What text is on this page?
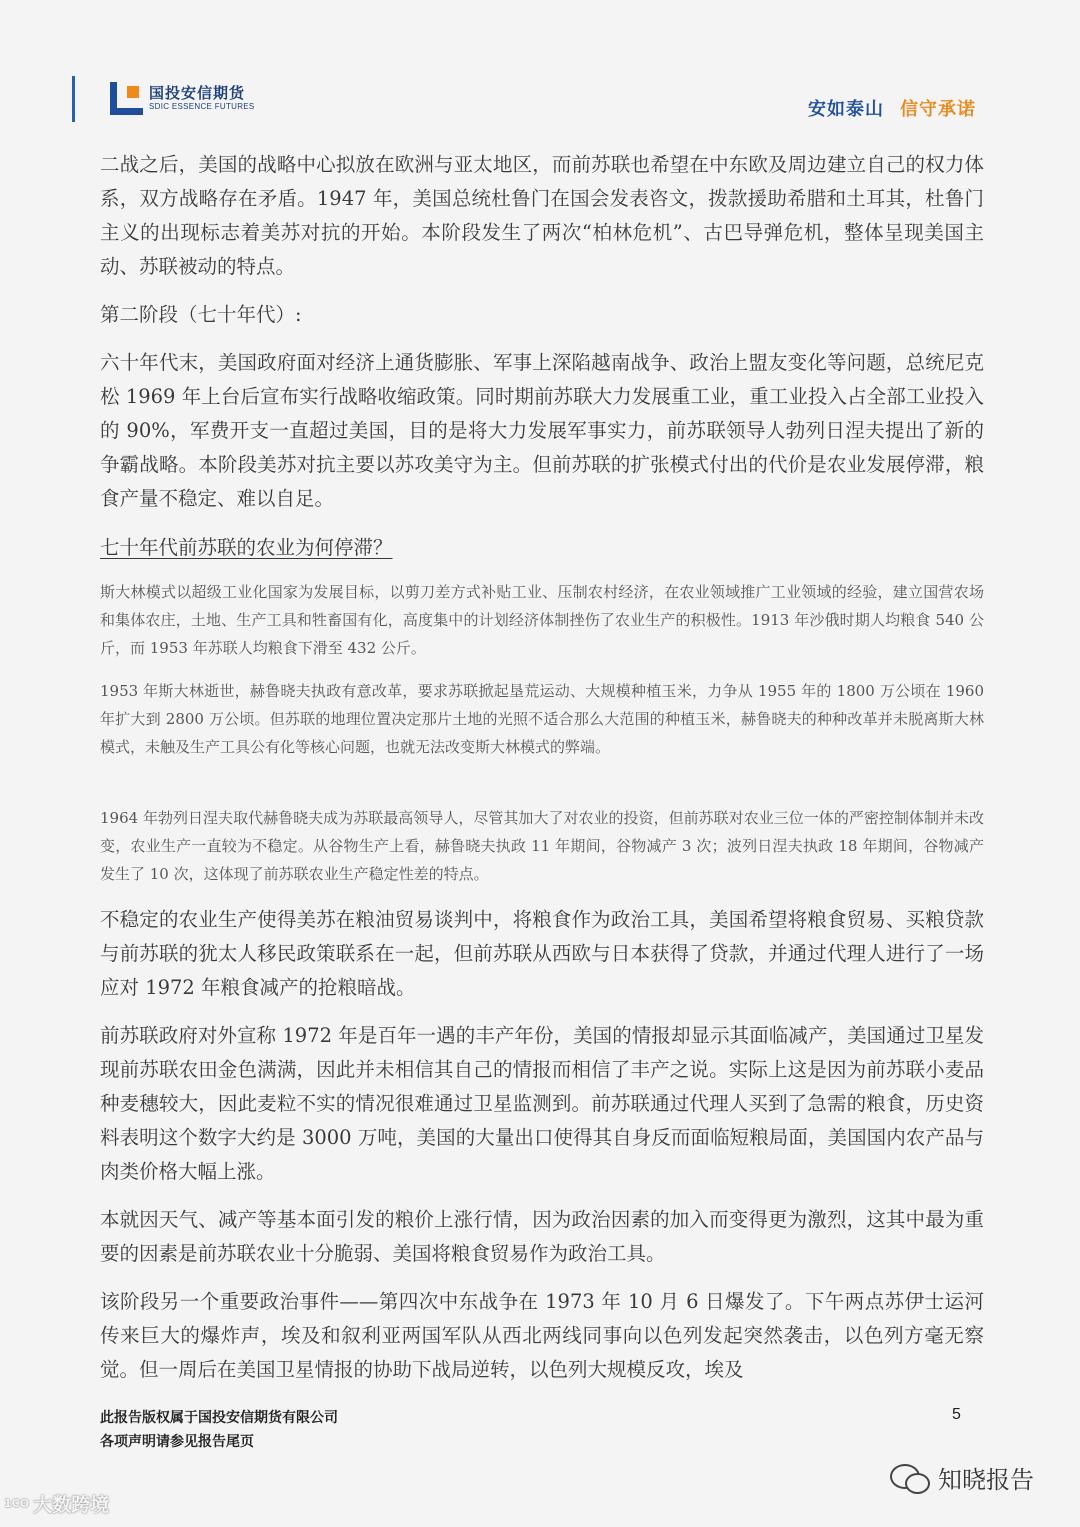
国投安信期货
SDIC ESSENCE FUTURES	安如泰山 信守承诺

二战之后，美国的战略中心拟放在欧洲与亚太地区，而前苏联也希望在中东欧及周边建立自己的权力体系，双方战略存在矛盾。1947 年，美国总统杜鲁门在国会发表咨文，拨款援助希腊和土耳其，杜鲁门主义的出现标志着美苏对抗的开始。本阶段发生了两次“柏林危机”、古巴导弹危机，整体呈现美国主动、苏联被动的特点。

第二阶段（七十年代）:

六十年代末，美国政府面对经济上通货膨胀、军事上深陷越南战争、政治上盟友变化等问题，总统尼克松 1969 年上台后宣布实行战略收缩政策。同时期前苏联大力发展重工业，重工业投入占全部工业投入的 90%，军费开支一直超过美国，目的是将大力发展军事实力，前苏联领导人勃列日涅夫提出了新的争霸战略。本阶段美苏对抗主要以苏攻美守为主。但前苏联的扩张模式付出的代价是农业发展停滞，粮食产量不稳定、难以自足。

七十年代前苏联的农业为何停滞？

斯大林模式以超级工业化国家为发展目标，以剪刀差方式补贴工业、压制农村经济，在农业领域推广工业领域的经验，建立国营农场和集体农庄，土地、生产工具和牲畜国有化，高度集中的计划经济体制挫伤了农业生产的积极性。1913 年沙俄时期人均粮食 540 公斤，而 1953 年苏联人均粮食下滑至 432 公斤。

1953 年斯大林逝世，赫鲁晓夫执政有意改革，要求苏联掀起垦荒运动、大规模种植玉米，力争从 1955 年的 1800 万公顷在 1960 年扩大到 2800 万公顷。但苏联的地理位置决定那片土地的光照不适合那么大范围的种植玉米，赫鲁晓夫的种种改革并未脱离斯大林模式，未触及生产工具公有化等核心问题，也就无法改变斯大林模式的弊端。

1964 年勃列日涅夫取代赫鲁晓夫成为苏联最高领导人，尽管其加大了对农业的投资，但前苏联对农业三位一体的严密控制体制并未改变，农业生产一直较为不稳定。从谷物生产上看，赫鲁晓夫执政 11 年期间，谷物减产 3 次；波列日涅夫执政 18 年期间，谷物减产发生了 10 次，这体现了前苏联农业生产稳定性差的特点。

不稳定的农业生产使得美苏在粮油贸易谈判中，将粮食作为政治工具，美国希望将粮食贸易、买粮贷款与前苏联的犹太人移民政策联系在一起，但前苏联从西欧与日本获得了贷款，并通过代理人进行了一场应对 1972 年粮食减产的抢粮暗战。

前苏联政府对外宣称 1972 年是百年一遇的丰产年份，美国的情报却显示其面临减产，美国通过卫星发现前苏联农田金色满满，因此并未相信其自己的情报而相信了丰产之说。实际上这是因为前苏联小麦品种麦穗较大，因此麦粒不实的情况很难通过卫星监测到。前苏联通过代理人买到了急需的粮食，历史资料表明这个数字大约是 3000 万吨，美国的大量出口使得其自身反而面临短粮局面，美国国内农产品与肉类价格大幅上涨。

本就因天气、减产等基本面引发的粮价上涨行情，因为政治因素的加入而变得更为激烈，这其中最为重要的因素是前苏联农业十分脆弱、美国将粮食贸易作为政治工具。

该阶段另一个重要政治事件——第四次中东战争在 1973 年 10 月 6 日爆发了。下午两点苏伊士运河传来巨大的爆炸声，埃及和叙利亚两国军队从西北两线同事向以色列发起突然袭击，以色列方毫无察觉。但一周后在美国卫星情报的协助下战局逆转，以色列大规模反攻，埃及

此报告版权属于国投安信期货有限公司
各项声明请参见报告尾页
5
1CO 大数跨境
知晓报告
